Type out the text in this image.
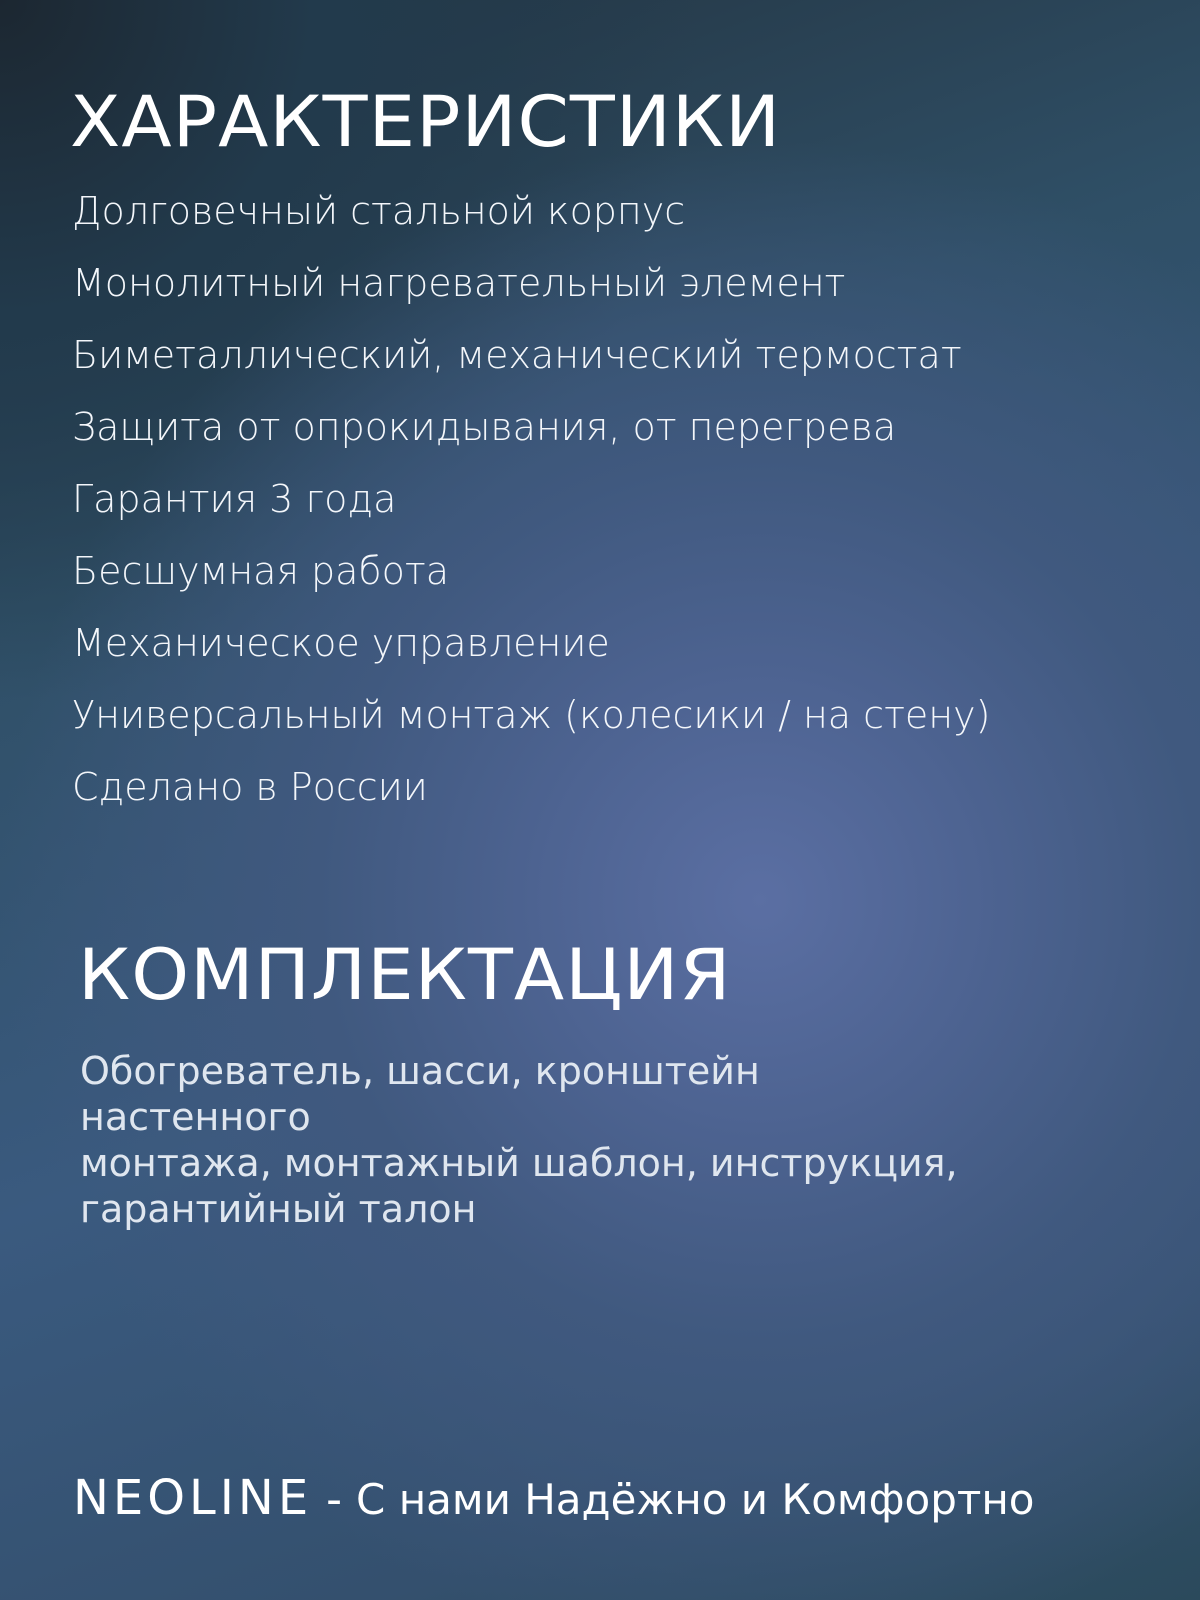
ХАРАКТЕРИСТИКИ
Долговечный стальной корпус
Монолитный нагревательный элемент
Биметаллический, механический термостат
Защита от опрокидывания, от перегрева
Гарантия 3 года
Бесшумная работа
Механическое управление
Универсальный монтаж (колесики / на стену)
Сделано в России
КОМПЛЕКТАЦИЯ

Обогреватель, шасси, кронштейн настенного
монтажа, монтажный шаблон, инструкция,
гарантийный талон

NEOLINE - С нами Надёжно и Комфортно
